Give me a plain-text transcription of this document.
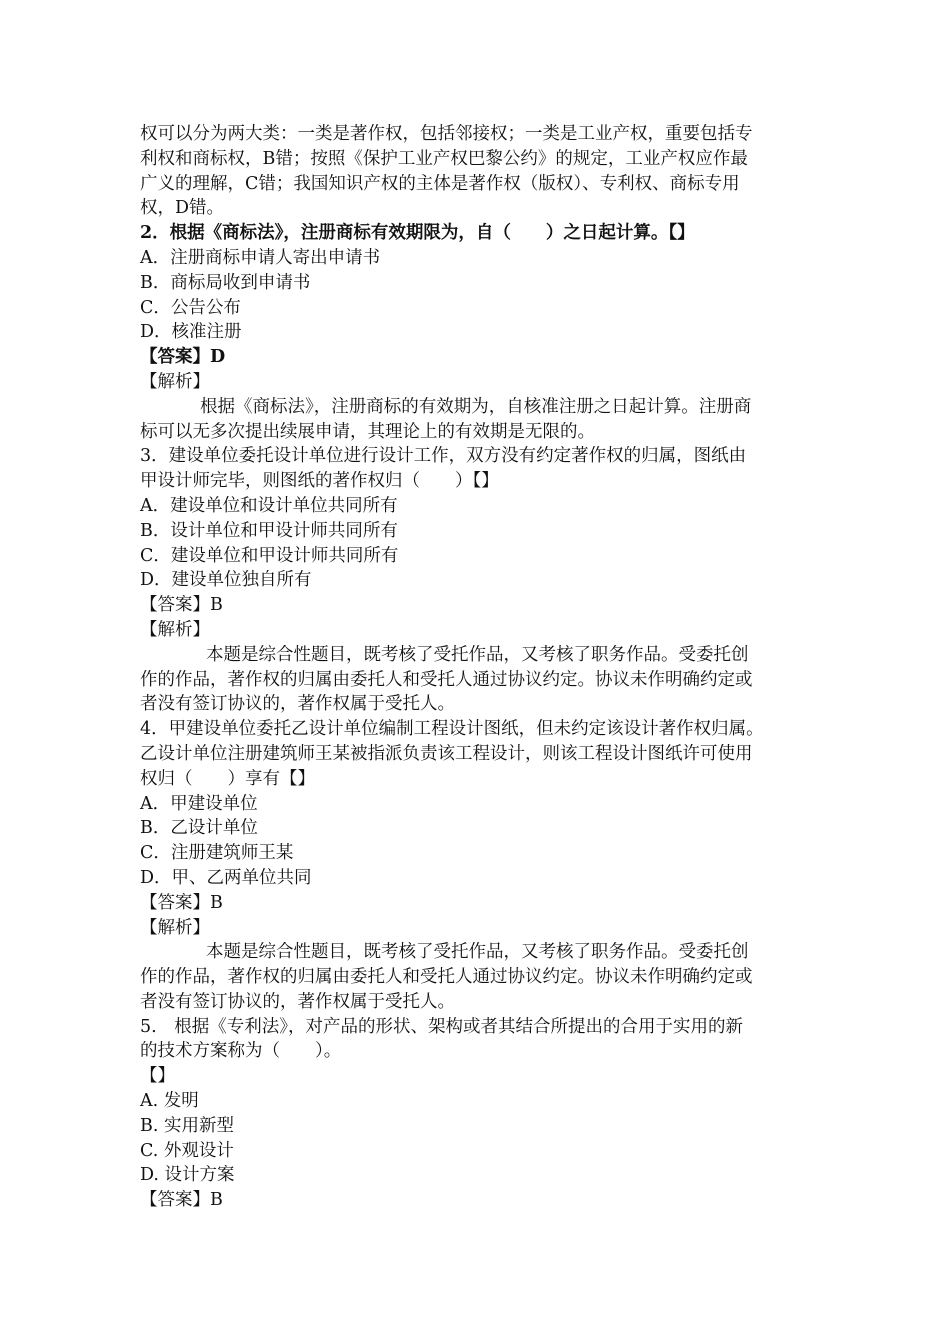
权可以分为两大类：一类是著作权，包括邻接权；一类是工业产权，重要包括专
利权和商标权，B错；按照《保护工业产权巴黎公约》的规定，工业产权应作最
广义的理解，C错；我国知识产权的主体是著作权（版权）、专利权、商标专用
权，D错。
2．根据《商标法》，注册商标有效期限为，自（　　）之日起计算。【】
A．注册商标申请人寄出申请书
B．商标局收到申请书
C．公告公布
D．核准注册
【答案】D
【解析】
根据《商标法》，注册商标的有效期为，自核准注册之日起计算。注册商
标可以无多次提出续展申请，其理论上的有效期是无限的。
3．建设单位委托设计单位进行设计工作，双方没有约定著作权的归属，图纸由
甲设计师完毕，则图纸的著作权归（　　）【】
A．建设单位和设计单位共同所有
B．设计单位和甲设计师共同所有
C．建设单位和甲设计师共同所有
D．建设单位独自所有
【答案】B
【解析】
本题是综合性题目，既考核了受托作品，又考核了职务作品。受委托创
作的作品，著作权的归属由委托人和受托人通过协议约定。协议未作明确约定或
者没有签订协议的，著作权属于受托人。
4．甲建设单位委托乙设计单位编制工程设计图纸，但未约定该设计著作权归属。
乙设计单位注册建筑师王某被指派负责该工程设计，则该工程设计图纸许可使用
权归（　　）享有【】
A．甲建设单位
B．乙设计单位
C．注册建筑师王某
D．甲、乙两单位共同
【答案】B
【解析】
本题是综合性题目，既考核了受托作品，又考核了职务作品。受委托创
作的作品，著作权的归属由委托人和受托人通过协议约定。协议未作明确约定或
者没有签订协议的，著作权属于受托人。
5.　根据《专利法》，对产品的形状、架构或者其结合所提出的合用于实用的新
的技术方案称为（　　）。
【】
A. 发明
B. 实用新型
C. 外观设计
D. 设计方案
【答案】B
